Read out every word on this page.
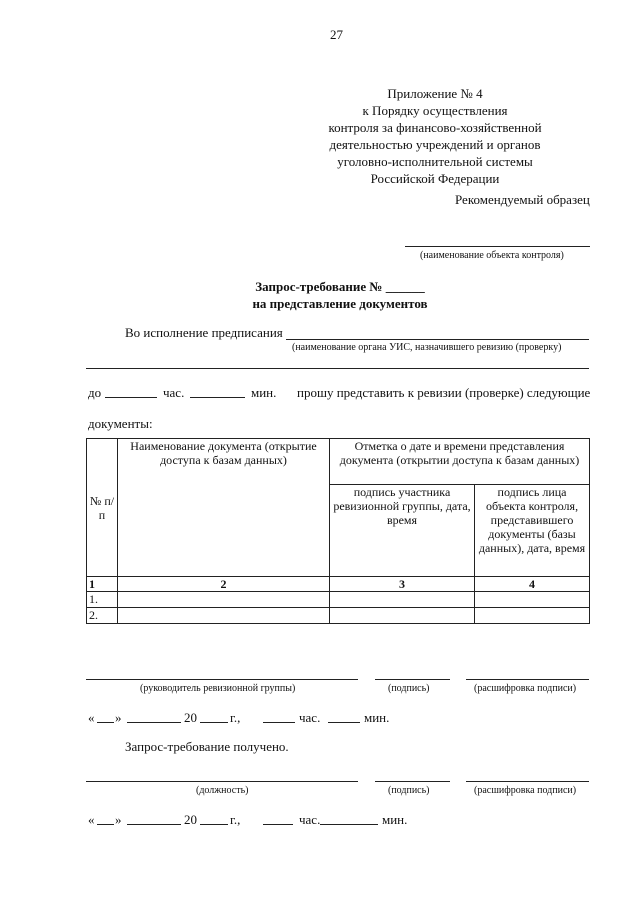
27
Приложение № 4
к Порядку осуществления
контроля за финансово-хозяйственной
деятельностью учреждений и органов
уголовно-исполнительной системы
Российской Федерации
Рекомендуемый образец
(наименование объекта контроля)
Запрос-требование № ______
на представление документов
Во исполнение предписания
(наименование органа УИС, назначившего ревизию (проверку)
до	час.	мин. прошу представить к ревизии (проверке) следующие
документы:
№ п/п	Наименование документа (открытие доступа к базам данных)	Отметка о дате и времени представления документа (открытии доступа к базам данных)	
		подпись участника ревизионной группы, дата, время	подпись лица объекта контроля, представившего документы (базы данных), дата, время
1	2	3	4
1.			
2.			
(руководитель ревизионной группы)	(подпись)	(расшифровка подписи)
« »	20	г.,	час.	мин.
Запрос-требование получено.
(должность)	(подпись)	(расшифровка подписи)
« »	20	г.,	час.	мин.
